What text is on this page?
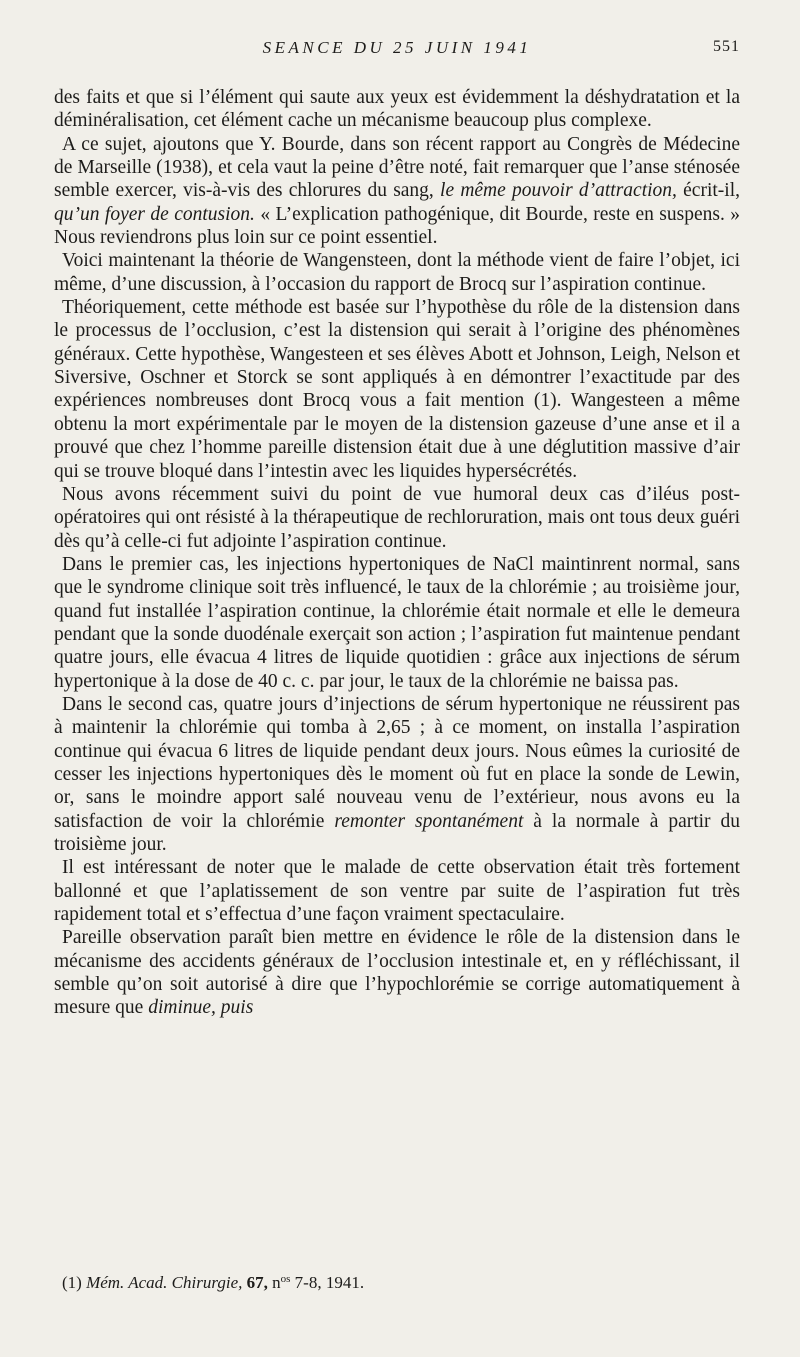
SEANCE DU 25 JUIN 1941	551

des faits et que si l’élément qui saute aux yeux est évidemment la déshydratation et la déminéralisation, cet élément cache un mécanisme beaucoup plus complexe.

A ce sujet, ajoutons que Y. Bourde, dans son récent rapport au Congrès de Médecine de Marseille (1938), et cela vaut la peine d’être noté, fait remarquer que l’anse sténosée semble exercer, vis-à-vis des chlorures du sang, le même pouvoir d’attraction, écrit-il, qu’un foyer de contusion. « L’explication pathogénique, dit Bourde, reste en suspens. » Nous reviendrons plus loin sur ce point essentiel.

Voici maintenant la théorie de Wangensteen, dont la méthode vient de faire l’objet, ici même, d’une discussion, à l’occasion du rapport de Brocq sur l’aspiration continue.

Théoriquement, cette méthode est basée sur l’hypothèse du rôle de la distension dans le processus de l’occlusion, c’est la distension qui serait à l’origine des phénomènes généraux. Cette hypothèse, Wangesteen et ses élèves Abott et Johnson, Leigh, Nelson et Siversive, Oschner et Storck se sont appliqués à en démontrer l’exactitude par des expériences nombreuses dont Brocq vous a fait mention (1). Wangesteen a même obtenu la mort expérimentale par le moyen de la distension gazeuse d’une anse et il a prouvé que chez l’homme pareille distension était due à une déglutition massive d’air qui se trouve bloqué dans l’intestin avec les liquides hypersécrétés.

Nous avons récemment suivi du point de vue humoral deux cas d’iléus post-opératoires qui ont résisté à la thérapeutique de rechloruration, mais ont tous deux guéri dès qu’à celle-ci fut adjointe l’aspiration continue.

Dans le premier cas, les injections hypertoniques de NaCl maintinrent normal, sans que le syndrome clinique soit très influencé, le taux de la chlorémie ; au troisième jour, quand fut installée l’aspiration continue, la chlorémie était normale et elle le demeura pendant que la sonde duodénale exerçait son action ; l’aspiration fut maintenue pendant quatre jours, elle évacua 4 litres de liquide quotidien : grâce aux injections de sérum hypertonique à la dose de 40 c. c. par jour, le taux de la chlorémie ne baissa pas.

Dans le second cas, quatre jours d’injections de sérum hypertonique ne réussirent pas à maintenir la chlorémie qui tomba à 2,65 ; à ce moment, on installa l’aspiration continue qui évacua 6 litres de liquide pendant deux jours. Nous eûmes la curiosité de cesser les injections hypertoniques dès le moment où fut en place la sonde de Lewin, or, sans le moindre apport salé nouveau venu de l’extérieur, nous avons eu la satisfaction de voir la chlorémie remonter spontanément à la normale à partir du troisième jour.

Il est intéressant de noter que le malade de cette observation était très fortement ballonné et que l’aplatissement de son ventre par suite de l’aspiration fut très rapidement total et s’effectua d’une façon vraiment spectaculaire.

Pareille observation paraît bien mettre en évidence le rôle de la distension dans le mécanisme des accidents généraux de l’occlusion intestinale et, en y réfléchissant, il semble qu’on soit autorisé à dire que l’hypochlorémie se corrige automatiquement à mesure que diminue, puis

(1) Mém. Acad. Chirurgie, 67, $n^{os}$ 7-8, 1941.
